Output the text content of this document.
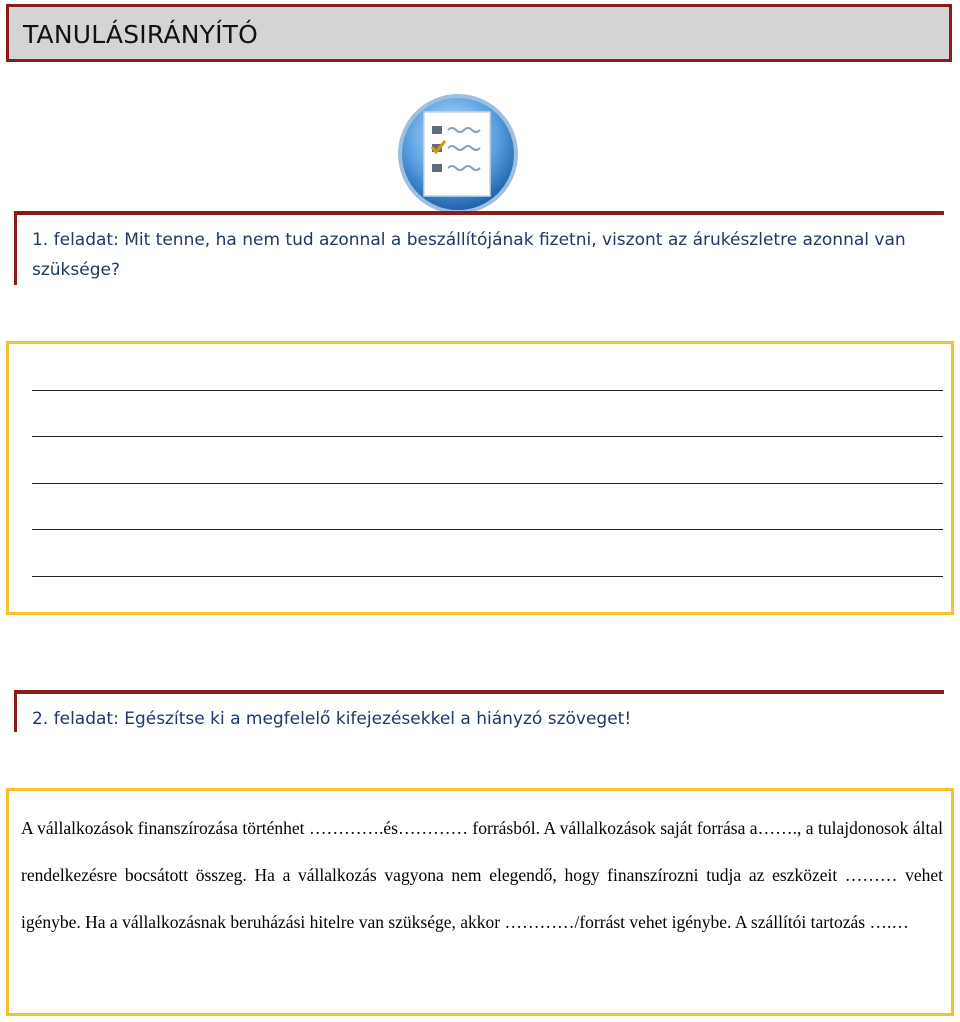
TANULÁSIRÁNYÍTÓ
1. feladat: Mit tenne, ha nem tud azonnal a beszállítójának fizetni, viszont az árukészletre azonnal van szüksége?
2. feladat: Egészítse ki a megfelelő kifejezésekkel a hiányzó szöveget!
A vállalkozások finanszírozása történhet ………….és………… forrásból. A vállalkozások saját forrása a……., a tulajdonosok által rendelkezésre bocsátott összeg. Ha a vállalkozás vagyona nem elegendő, hogy finanszírozni tudja az eszközeit ……… vehet igénybe. Ha a vállalkozásnak beruházási hitelre van szüksége, akkor …………/forrást vehet igénybe. A szállítói tartozás ….…
